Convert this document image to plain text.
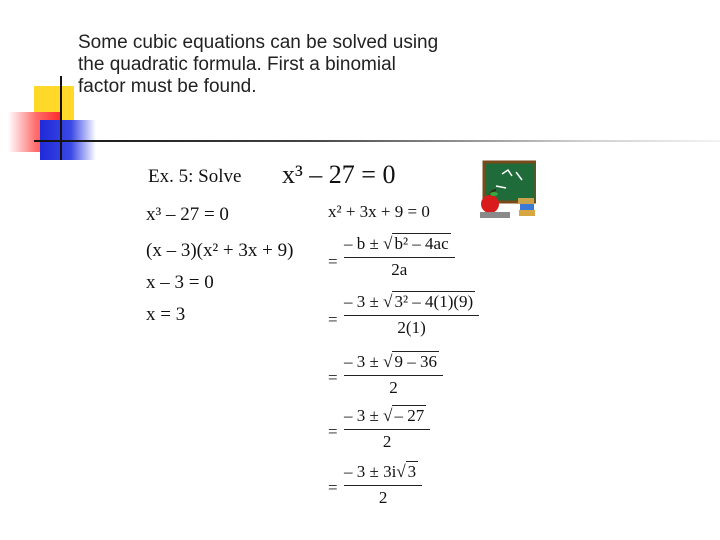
Some cubic equations can be solved using
the quadratic formula. First a binomial
factor must be found.

Ex. 5: Solve x³ – 27 = 0
x³ – 27 = 0
(x – 3)(x² + 3x + 9)
x – 3 = 0
x = 3
x² + 3x + 9 = 0
= $\frac{\text{– b ± √ b² – 4ac}}{2a}$
= $\frac{\text{– 3 ± √ 3² – 4(1)(9)}}{2(1)}$
= $\frac{- 3 \pm √ 9 - 36}{2}$
= $\frac{- 3 \pm √ - 27}{2}$
= $\frac{- 3 \pm 3i√ 3}{2}$
